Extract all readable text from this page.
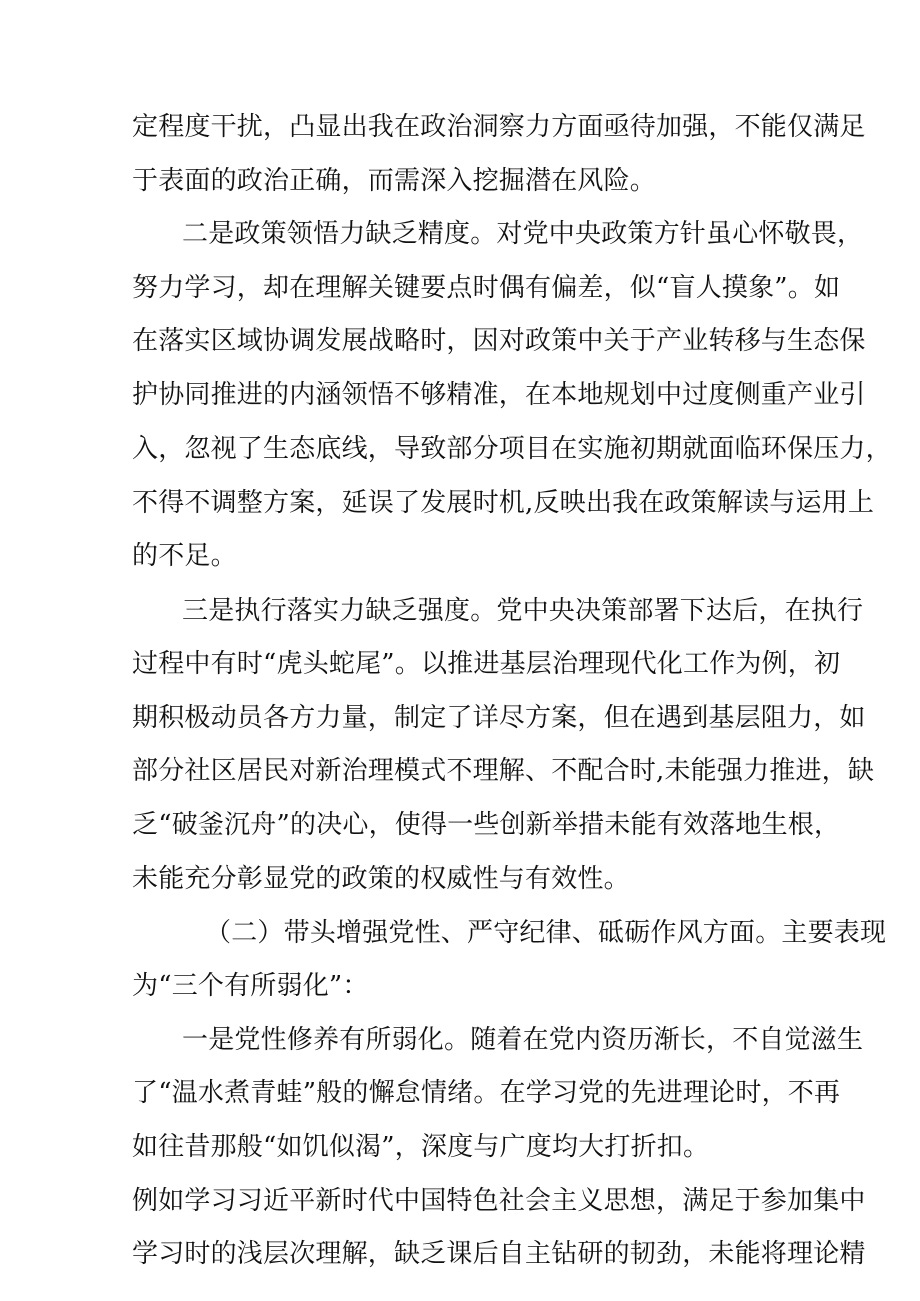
定程度干扰，凸显出我在政治洞察力方面亟待加强，不能仅满足
于表面的政治正确，而需深入挖掘潜在风险。
二是政策领悟力缺乏精度。对党中央政策方针虽心怀敬畏，
努力学习，却在理解关键要点时偶有偏差，似“盲人摸象”。如
在落实区域协调发展战略时，因对政策中关于产业转移与生态保
护协同推进的内涵领悟不够精准，在本地规划中过度侧重产业引
入，忽视了生态底线，导致部分项目在实施初期就面临环保压力，
不得不调整方案，延误了发展时机,反映出我在政策解读与运用上
的不足。
三是执行落实力缺乏强度。党中央决策部署下达后，在执行
过程中有时“虎头蛇尾”。以推进基层治理现代化工作为例，初
期积极动员各方力量，制定了详尽方案，但在遇到基层阻力，如
部分社区居民对新治理模式不理解、不配合时,未能强力推进，缺
乏“破釜沉舟”的决心，使得一些创新举措未能有效落地生根，
未能充分彰显党的政策的权威性与有效性。
（二）带头增强党性、严守纪律、砥砺作风方面。主要表现
为“三个有所弱化”：
一是党性修养有所弱化。随着在党内资历渐长，不自觉滋生
了“温水煮青蛙”般的懈怠情绪。在学习党的先进理论时，不再
如往昔那般“如饥似渴”，深度与广度均大打折扣。
例如学习习近平新时代中国特色社会主义思想，满足于参加集中
学习时的浅层次理解，缺乏课后自主钻研的韧劲，未能将理论精
